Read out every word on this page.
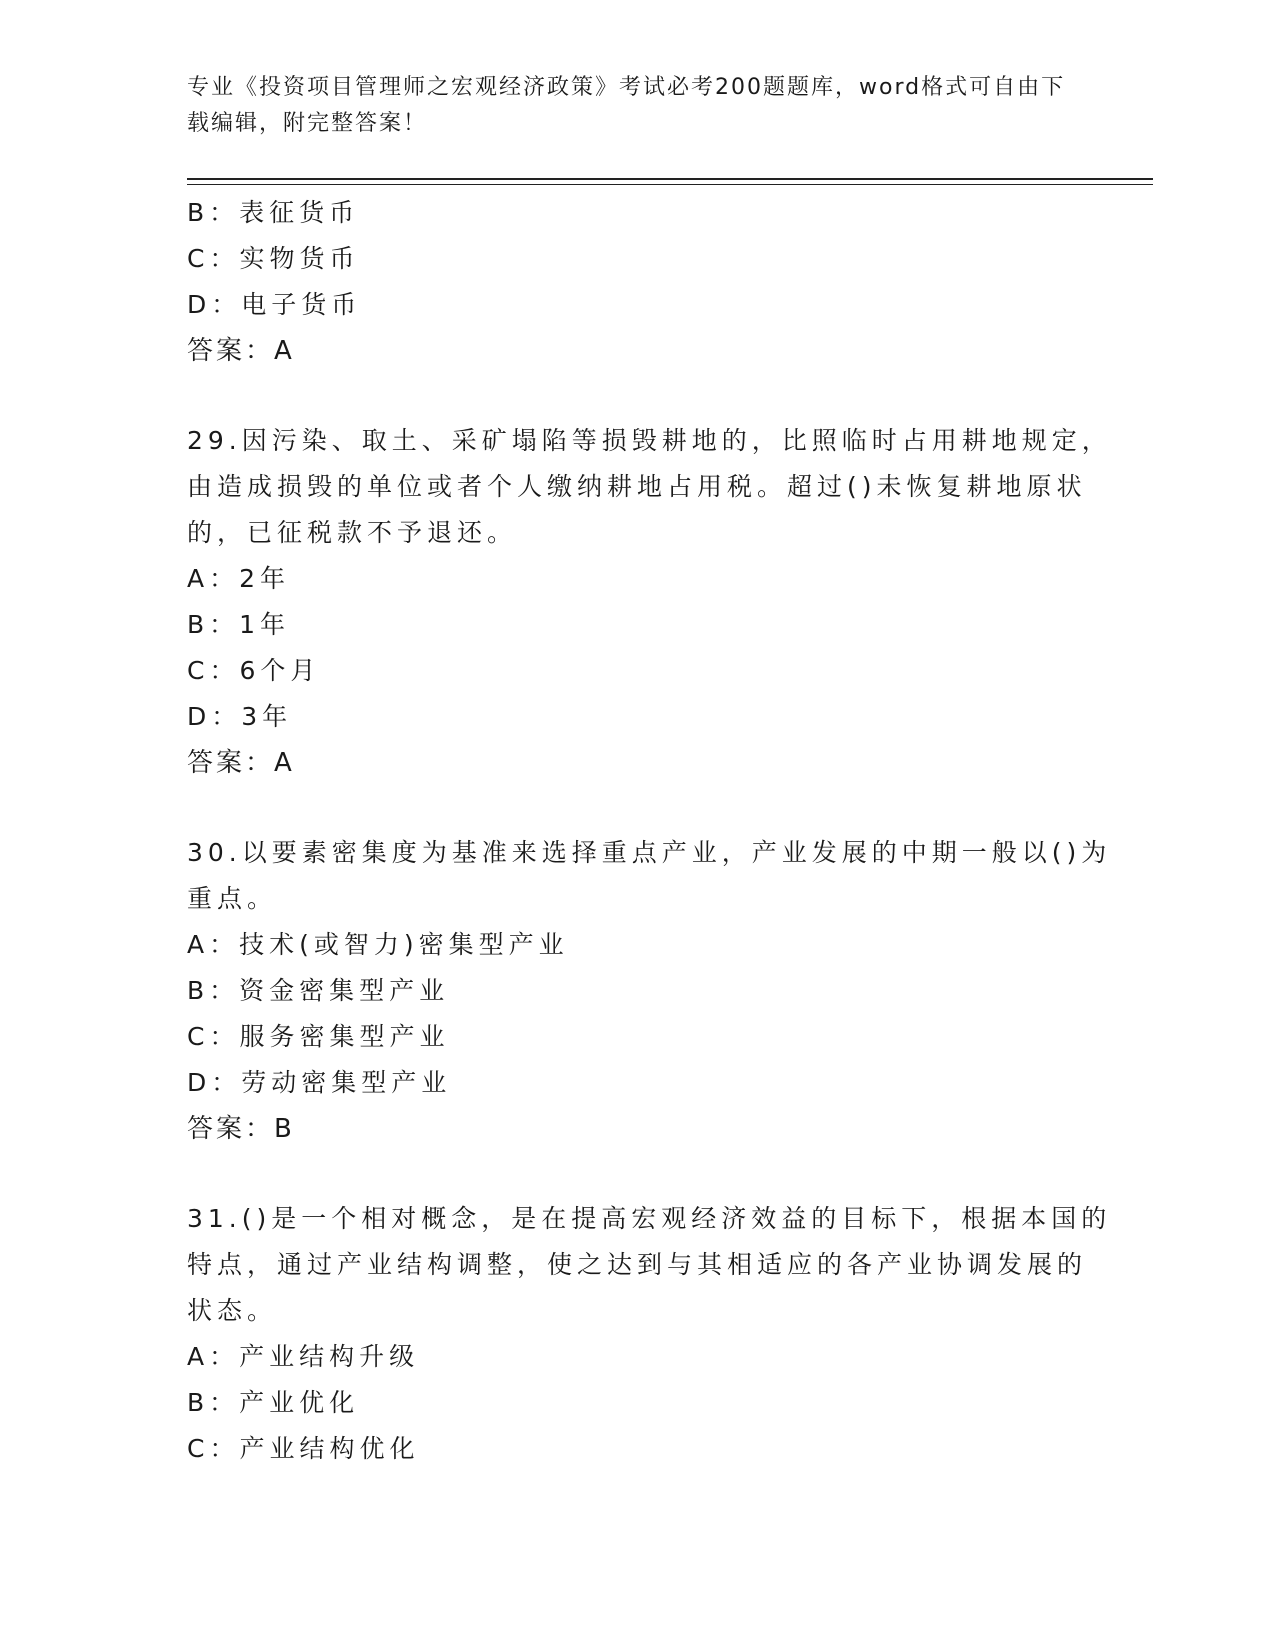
专业《投资项目管理师之宏观经济政策》考试必考200题题库，word格式可自由下载编辑，附完整答案！
B：表征货币
C：实物货币
D：电子货币
答案：A
29.因污染、取土、采矿塌陷等损毁耕地的，比照临时占用耕地规定，
由造成损毁的单位或者个人缴纳耕地占用税。超过()未恢复耕地原状
的，已征税款不予退还。
A：2年
B：1年
C：6个月
D：3年
答案：A
30.以要素密集度为基准来选择重点产业，产业发展的中期一般以()为
重点。
A：技术(或智力)密集型产业
B：资金密集型产业
C：服务密集型产业
D：劳动密集型产业
答案：B
31.()是一个相对概念，是在提高宏观经济效益的目标下，根据本国的
特点，通过产业结构调整，使之达到与其相适应的各产业协调发展的
状态。
A：产业结构升级
B：产业优化
C：产业结构优化
